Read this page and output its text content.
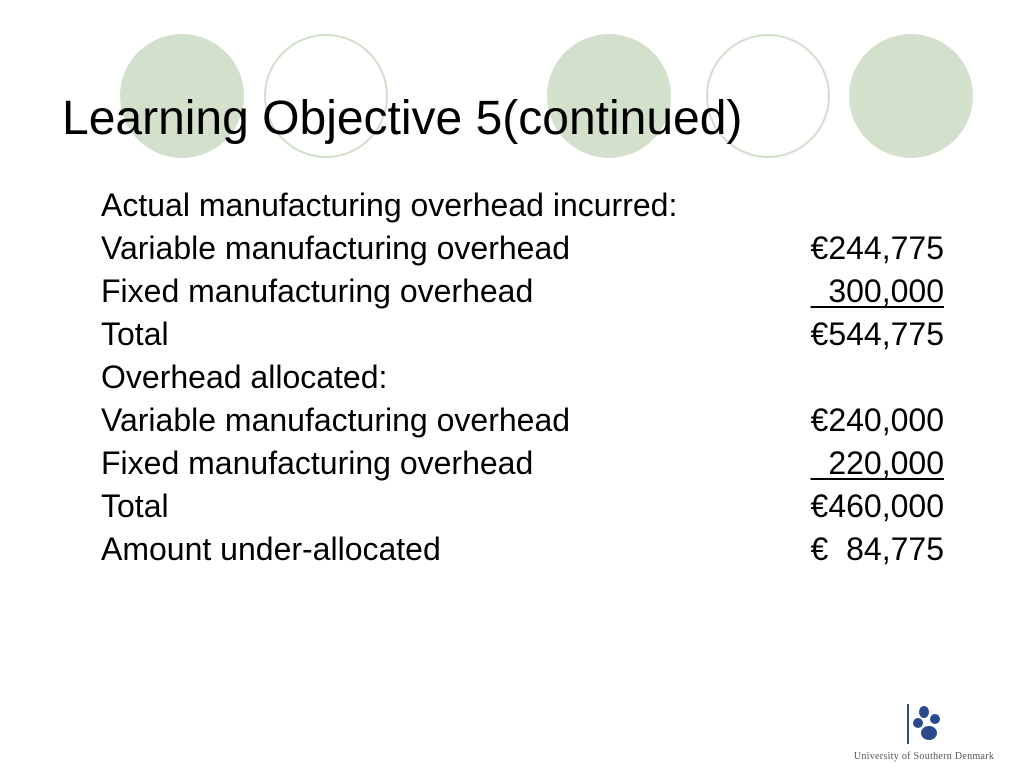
Learning Objective 5(continued)
Actual manufacturing overhead incurred:
Variable manufacturing overhead	€244,775
Fixed manufacturing overhead	300,000
Total	€544,775
Overhead allocated:
Variable manufacturing overhead	€240,000
Fixed manufacturing overhead	220,000
Total	€460,000
Amount under-allocated	€  84,775
University of Southern Denmark
